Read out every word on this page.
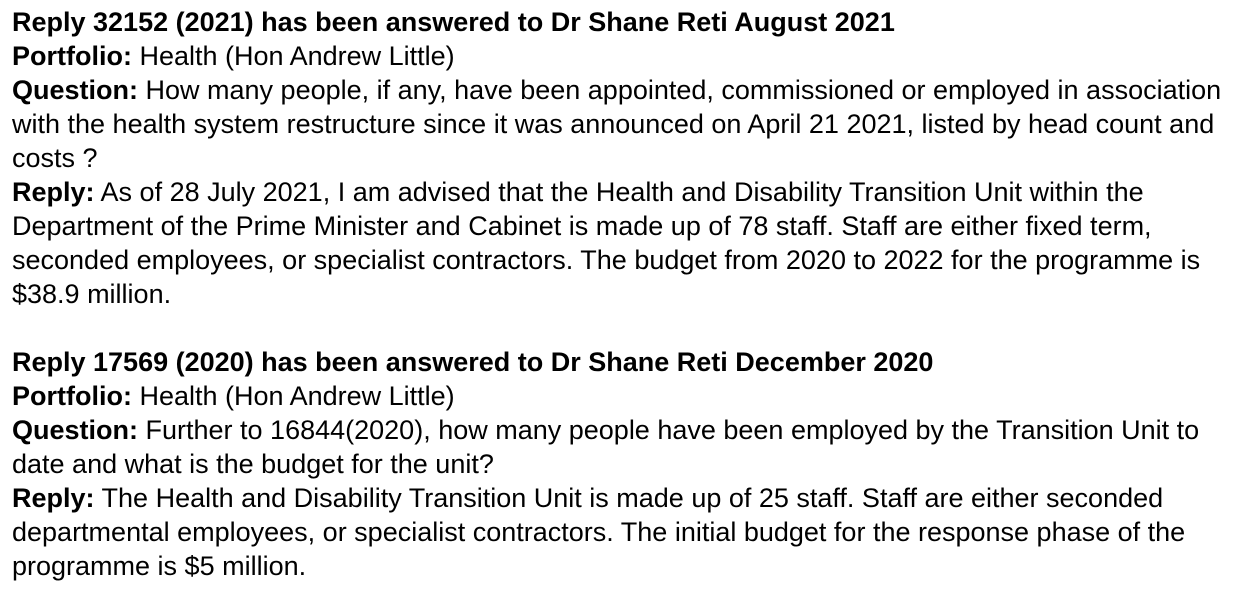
Reply 32152 (2021) has been answered to Dr Shane Reti August 2021
Portfolio: Health (Hon Andrew Little)
Question: How many people, if any, have been appointed, commissioned or employed in association with the health system restructure since it was announced on April 21 2021, listed by head count and costs ?
Reply: As of 28 July 2021, I am advised that the Health and Disability Transition Unit within the Department of the Prime Minister and Cabinet is made up of 78 staff. Staff are either fixed term, seconded employees, or specialist contractors. The budget from 2020 to 2022 for the programme is $38.9 million.
Reply 17569 (2020) has been answered to Dr Shane Reti December 2020
Portfolio: Health (Hon Andrew Little)
Question: Further to 16844(2020), how many people have been employed by the Transition Unit to date and what is the budget for the unit?
Reply: The Health and Disability Transition Unit is made up of 25 staff. Staff are either seconded departmental employees, or specialist contractors. The initial budget for the response phase of the programme is $5 million.
